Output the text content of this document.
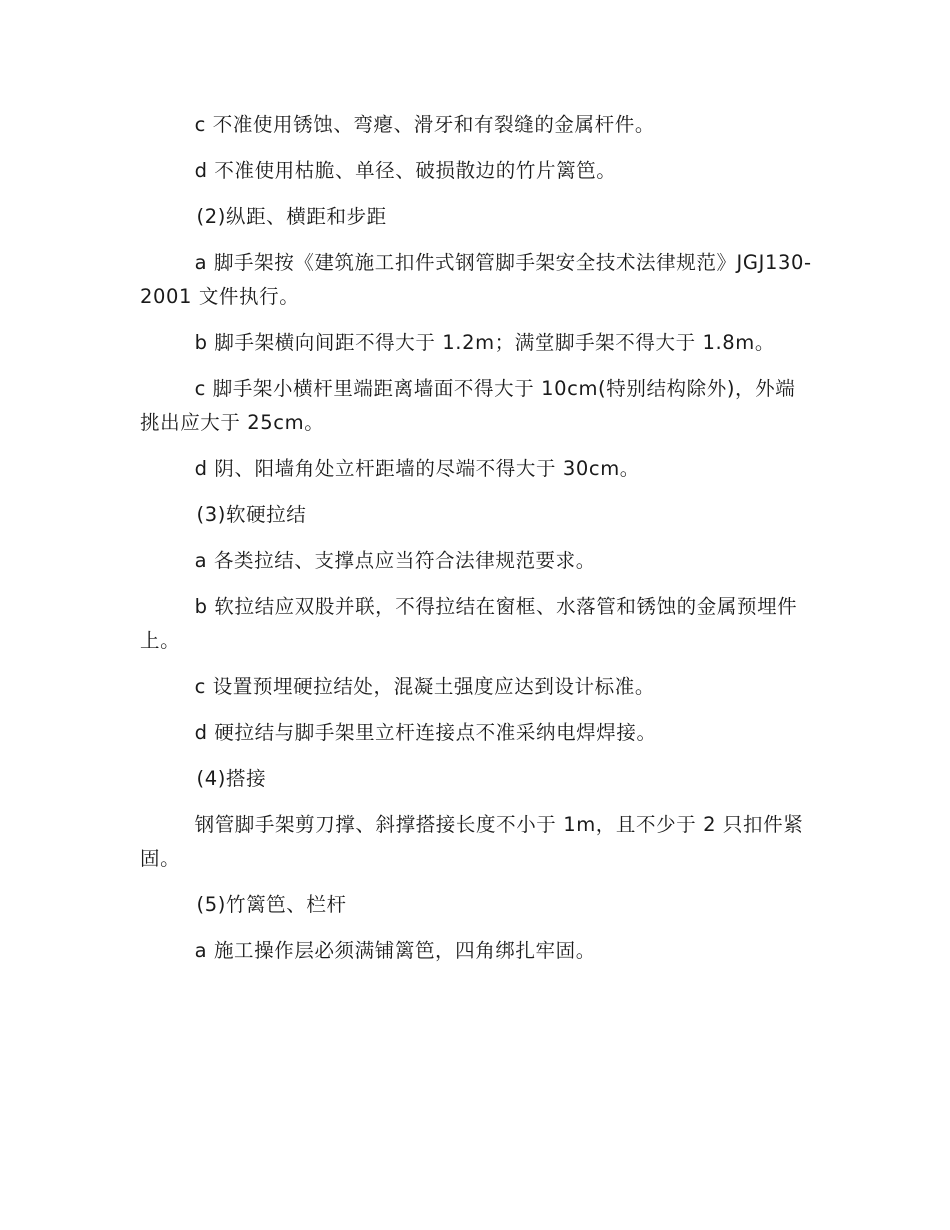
c 不准使用锈蚀、弯瘪、滑牙和有裂缝的金属杆件。

d 不准使用枯脆、单径、破损散边的竹片篱笆。

(2)纵距、横距和步距

a 脚手架按《建筑施工扣件式钢管脚手架安全技术法律规范》JGJ130-2001 文件执行。

b 脚手架横向间距不得大于 1.2m；满堂脚手架不得大于 1.8m。

c 脚手架小横杆里端距离墙面不得大于 10cm(特别结构除外)，外端挑出应大于 25cm。

d 阴、阳墙角处立杆距墙的尽端不得大于 30cm。

(3)软硬拉结

a 各类拉结、支撑点应当符合法律规范要求。

b 软拉结应双股并联，不得拉结在窗框、水落管和锈蚀的金属预埋件上。

c 设置预埋硬拉结处，混凝土强度应达到设计标准。

d 硬拉结与脚手架里立杆连接点不准采纳电焊焊接。

(4)搭接

钢管脚手架剪刀撑、斜撑搭接长度不小于 1m，且不少于 2 只扣件紧固。

(5)竹篱笆、栏杆

a 施工操作层必须满铺篱笆，四角绑扎牢固。
